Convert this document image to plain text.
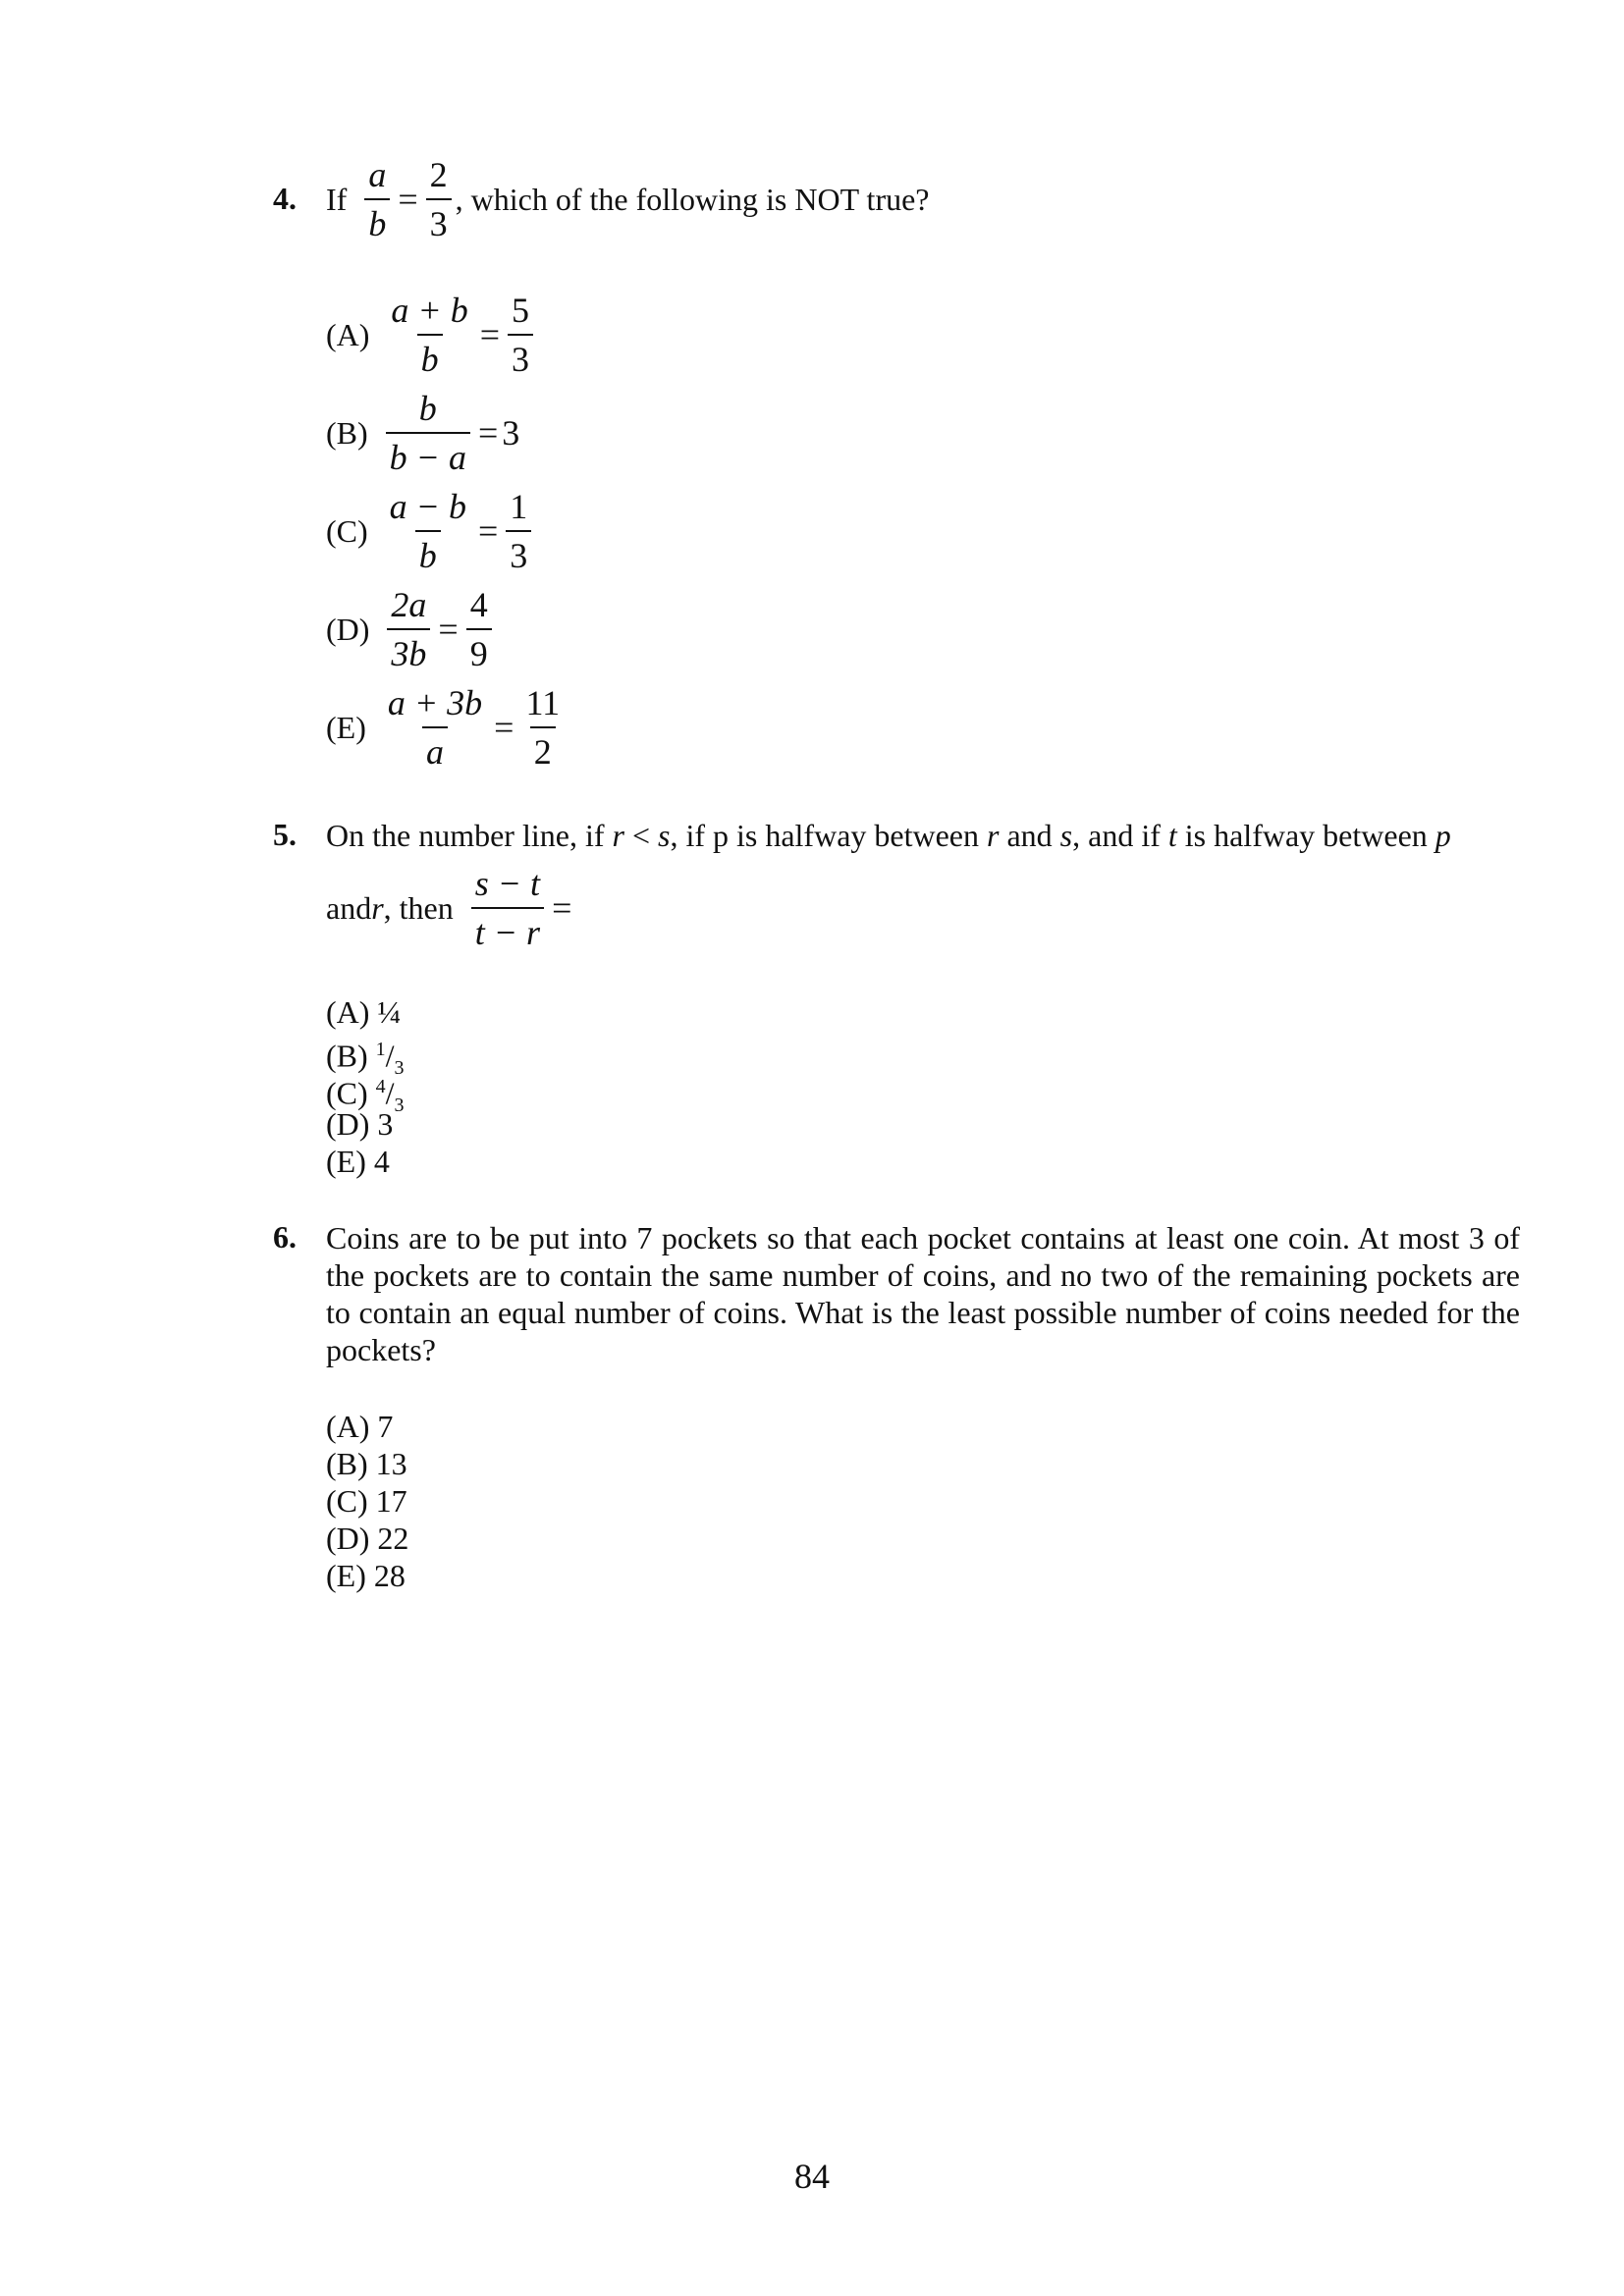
4. If $\frac{a}{b} = \frac{2}{3}$ , which of the following is NOT true?
$(A) \frac{a + b}{b} = \frac{5}{3}$
$(B) \frac{b}{b - a} = 3$
$(C) \frac{a - b}{b} = \frac{1}{3}$
$(D) \frac{2a}{3b} = \frac{4}{9}$
$(E) \frac{a + 3b}{a} = \frac{11}{2}$
5. On the number line, if r < s, if p is halfway between r and s, and if t is halfway between p
and r , then $\frac{s - t}{t - r}$ =
(A) ¼
(B) $^1/_3$
(C) $^4/_3$
(D) 3
(E) 4
6. Coins are to be put into 7 pockets so that each pocket contains at least one coin. At most 3 of the pockets are to contain the same number of coins, and no two of the remaining pockets are to contain an equal number of coins. What is the least possible number of coins needed for the pockets?
(A) 7
(B) 13
(C) 17
(D) 22
(E) 28
84
